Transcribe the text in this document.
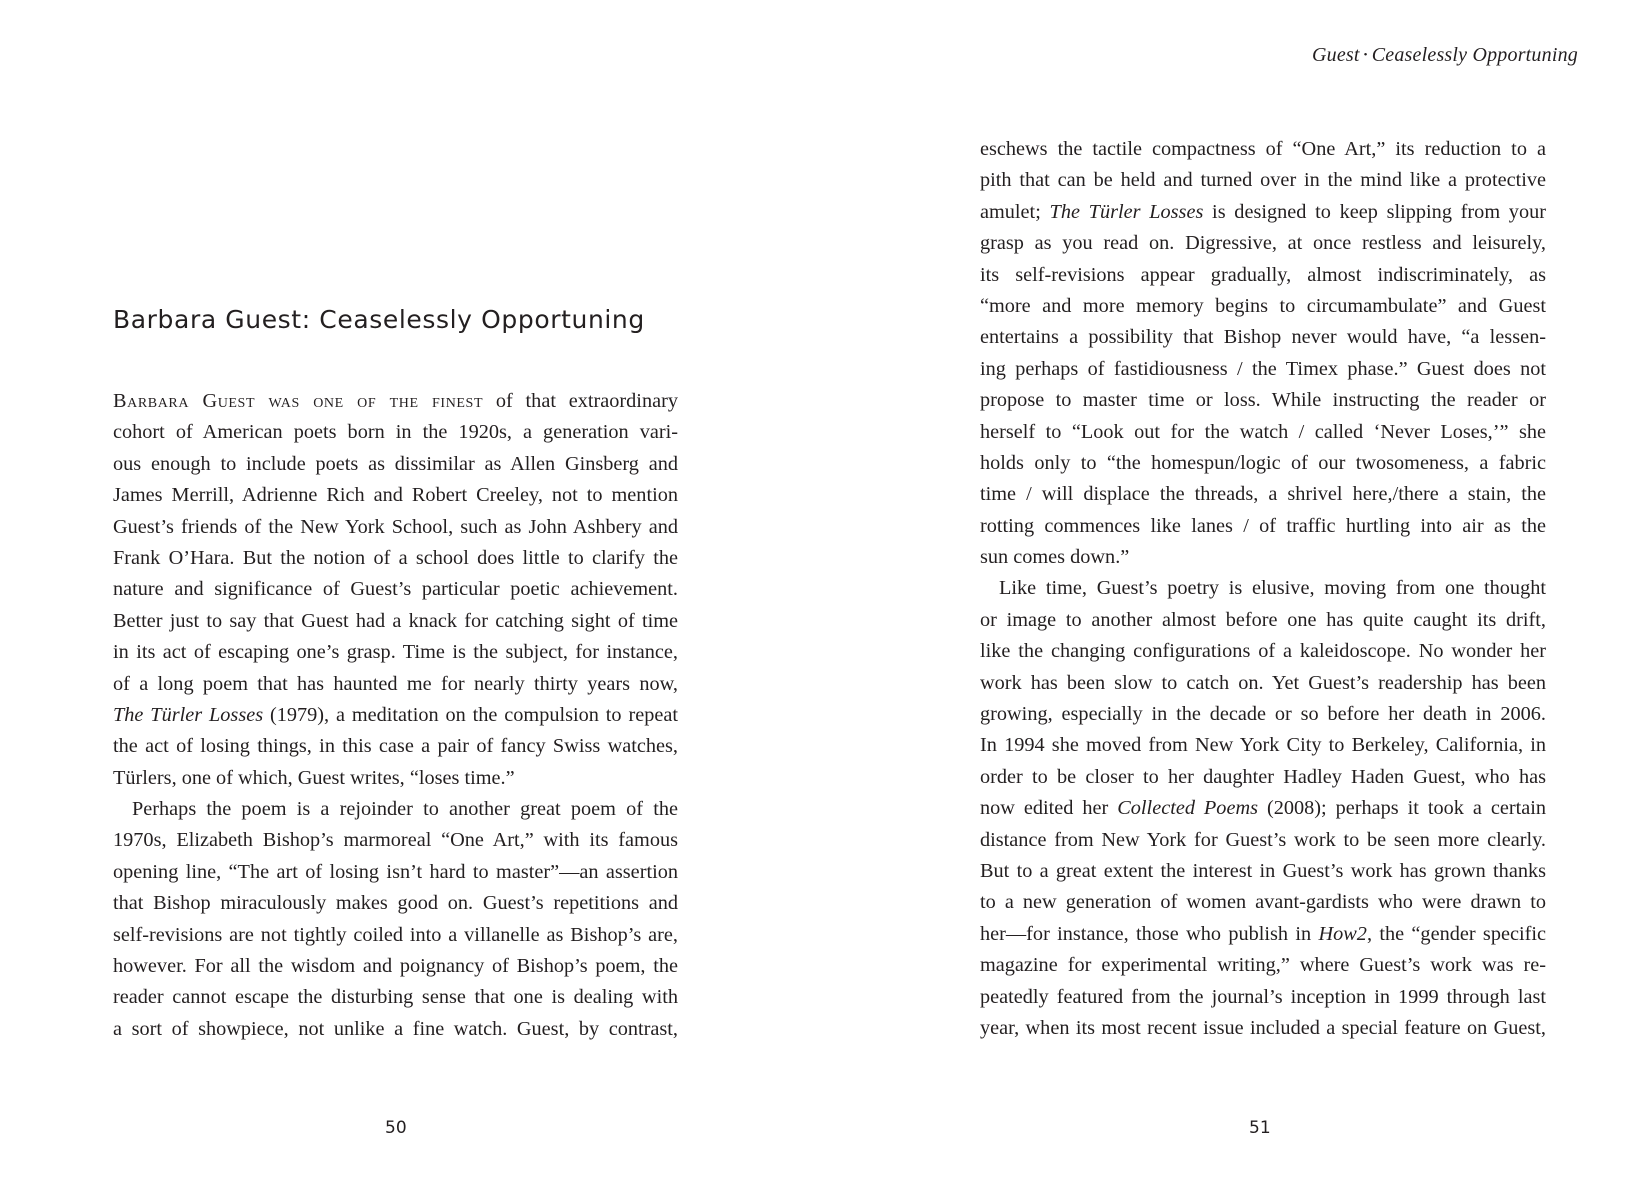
Barbara Guest: Ceaselessly Opportuning
Barbara Guest was one of the finest of that extraordinary
cohort of American poets born in the 1920s, a generation vari-
ous enough to include poets as dissimilar as Allen Ginsberg and
James Merrill, Adrienne Rich and Robert Creeley, not to mention
Guest’s friends of the New York School, such as John Ashbery and
Frank O’Hara. But the notion of a school does little to clarify the
nature and significance of Guest’s particular poetic achievement.
Better just to say that Guest had a knack for catching sight of time
in its act of escaping one’s grasp. Time is the subject, for instance,
of a long poem that has haunted me for nearly thirty years now,
The Türler Losses (1979), a meditation on the compulsion to repeat
the act of losing things, in this case a pair of fancy Swiss watches,
Türlers, one of which, Guest writes, “loses time.”
Perhaps the poem is a rejoinder to another great poem of the
1970s, Elizabeth Bishop’s marmoreal “One Art,” with its famous
opening line, “The art of losing isn’t hard to master”—an assertion
that Bishop miraculously makes good on. Guest’s repetitions and
self-revisions are not tightly coiled into a villanelle as Bishop’s are,
however. For all the wisdom and poignancy of Bishop’s poem, the
reader cannot escape the disturbing sense that one is dealing with
a sort of showpiece, not unlike a fine watch. Guest, by contrast,
50
Guest • Ceaselessly Opportuning
eschews the tactile compactness of “One Art,” its reduction to a
pith that can be held and turned over in the mind like a protective
amulet; The Türler Losses is designed to keep slipping from your
grasp as you read on. Digressive, at once restless and leisurely,
its self-revisions appear gradually, almost indiscriminately, as
“more and more memory begins to circumambulate” and Guest
entertains a possibility that Bishop never would have, “a lessen-
ing perhaps of fastidiousness / the Timex phase.” Guest does not
propose to master time or loss. While instructing the reader or
herself to “Look out for the watch / called ‘Never Loses,’” she
holds only to “the homespun/logic of our twosomeness, a fabric
time / will displace the threads, a shrivel here,/there a stain, the
rotting commences like lanes / of traffic hurtling into air as the
sun comes down.”
Like time, Guest’s poetry is elusive, moving from one thought
or image to another almost before one has quite caught its drift,
like the changing configurations of a kaleidoscope. No wonder her
work has been slow to catch on. Yet Guest’s readership has been
growing, especially in the decade or so before her death in 2006.
In 1994 she moved from New York City to Berkeley, California, in
order to be closer to her daughter Hadley Haden Guest, who has
now edited her Collected Poems (2008); perhaps it took a certain
distance from New York for Guest’s work to be seen more clearly.
But to a great extent the interest in Guest’s work has grown thanks
to a new generation of women avant-gardists who were drawn to
her—for instance, those who publish in How2, the “gender specific
magazine for experimental writing,” where Guest’s work was re-
peatedly featured from the journal’s inception in 1999 through last
year, when its most recent issue included a special feature on Guest,
51
